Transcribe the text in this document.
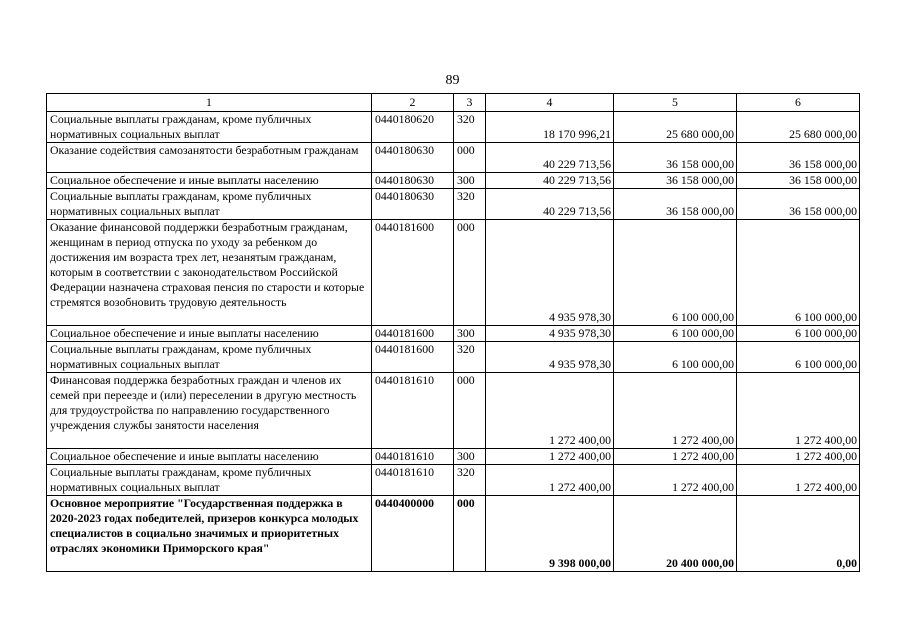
89
1	2	3	4	5	6
Социальные выплаты гражданам, кроме публичных нормативных социальных выплат	0440180620	320	18 170 996,21	25 680 000,00	25 680 000,00
Оказание содействия самозанятости безработным гражданам	0440180630	000	40 229 713,56	36 158 000,00	36 158 000,00
Социальное обеспечение и иные выплаты населению	0440180630	300	40 229 713,56	36 158 000,00	36 158 000,00
Социальные выплаты гражданам, кроме публичных нормативных социальных выплат	0440180630	320	40 229 713,56	36 158 000,00	36 158 000,00
Оказание финансовой поддержки безработным гражданам, женщинам в период отпуска по уходу за ребенком до достижения им возраста трех лет, незанятым гражданам, которым в соответствии с законодательством Российской Федерации назначена страховая пенсия по старости и которые стремятся возобновить трудовую деятельность	0440181600	000	4 935 978,30	6 100 000,00	6 100 000,00
Социальное обеспечение и иные выплаты населению	0440181600	300	4 935 978,30	6 100 000,00	6 100 000,00
Социальные выплаты гражданам, кроме публичных нормативных социальных выплат	0440181600	320	4 935 978,30	6 100 000,00	6 100 000,00
Финансовая поддержка безработных граждан и членов их семей при переезде и (или) переселении в другую местность для трудоустройства по направлению государственного учреждения службы занятости населения	0440181610	000	1 272 400,00	1 272 400,00	1 272 400,00
Социальное обеспечение и иные выплаты населению	0440181610	300	1 272 400,00	1 272 400,00	1 272 400,00
Социальные выплаты гражданам, кроме публичных нормативных социальных выплат	0440181610	320	1 272 400,00	1 272 400,00	1 272 400,00
Основное мероприятие "Государственная поддержка в 2020-2023 годах победителей, призеров конкурса молодых специалистов в социально значимых и приоритетных отраслях экономики Приморского края"	0440400000	000	9 398 000,00	20 400 000,00	0,00
